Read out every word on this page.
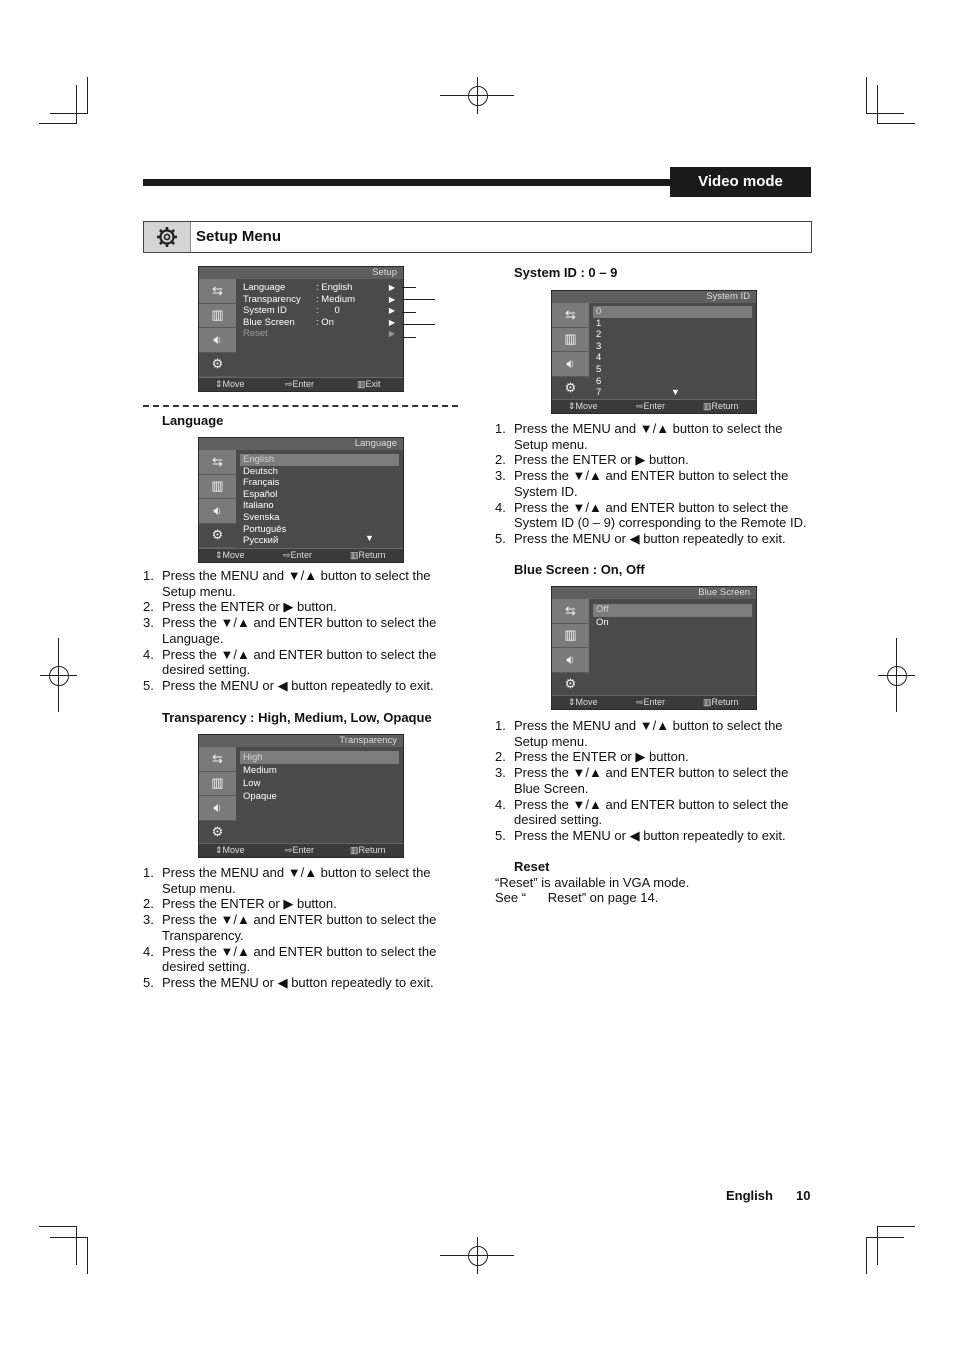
Video mode
Setup Menu
Setup
⇆
▥
🔉︎
⚙︎
Language	: English	▶
Transparency : Medium	▶
System ID	:      0	▶
Blue Screen : On	▶
Reset	▶
⇕ Move	⇨ Enter	▥ Exit
Language
Language
⇆
▥
🔉︎
⚙︎
English
Deutsch
Français
Español
Italiano
Svenska
Português
Русский	▼
⇕ Move	⇨ Enter	▥ Return
1. Press the MENU and ▼/▲ button to select the Setup menu.
2. Press the ENTER or ▶ button.
3. Press the ▼/▲ and ENTER button to select the Language.
4. Press the ▼/▲ and ENTER button to select the desired setting.
5. Press the MENU or ◀ button repeatedly to exit.
Transparency : High, Medium, Low, Opaque
Transparency
⇆
▥
🔉︎
⚙︎
High
Medium
Low
Opaque
⇕ Move	⇨ Enter	▥ Return
1. Press the MENU and ▼/▲ button to select the Setup menu.
2. Press the ENTER or ▶ button.
3. Press the ▼/▲ and ENTER button to select the Transparency.
4. Press the ▼/▲ and ENTER button to select the desired setting.
5. Press the MENU or ◀ button repeatedly to exit.
System ID : 0 – 9
System ID
⇆
▥
🔉︎
⚙︎
0
1
2
3
4
5
6
7	▼
⇕ Move	⇨ Enter	▥ Return
1. Press the MENU and ▼/▲ button to select the Setup menu.
2. Press the ENTER or ▶ button.
3. Press the ▼/▲ and ENTER button to select the System ID.
4. Press the ▼/▲ and ENTER button to select the System ID (0 – 9) corresponding to the Remote ID.
5. Press the MENU or ◀ button repeatedly to exit.
Blue Screen : On, Off
Blue Screen
⇆
▥
🔉︎
⚙︎
Off
On
⇕ Move	⇨ Enter	▥ Return
1. Press the MENU and ▼/▲ button to select the Setup menu.
2. Press the ENTER or ▶ button.
3. Press the ▼/▲ and ENTER button to select the Blue Screen.
4. Press the ▼/▲ and ENTER button to select the desired setting.
5. Press the MENU or ◀ button repeatedly to exit.
Reset
“Reset” is available in VGA mode.
See “      Reset” on page 14.
English 10
